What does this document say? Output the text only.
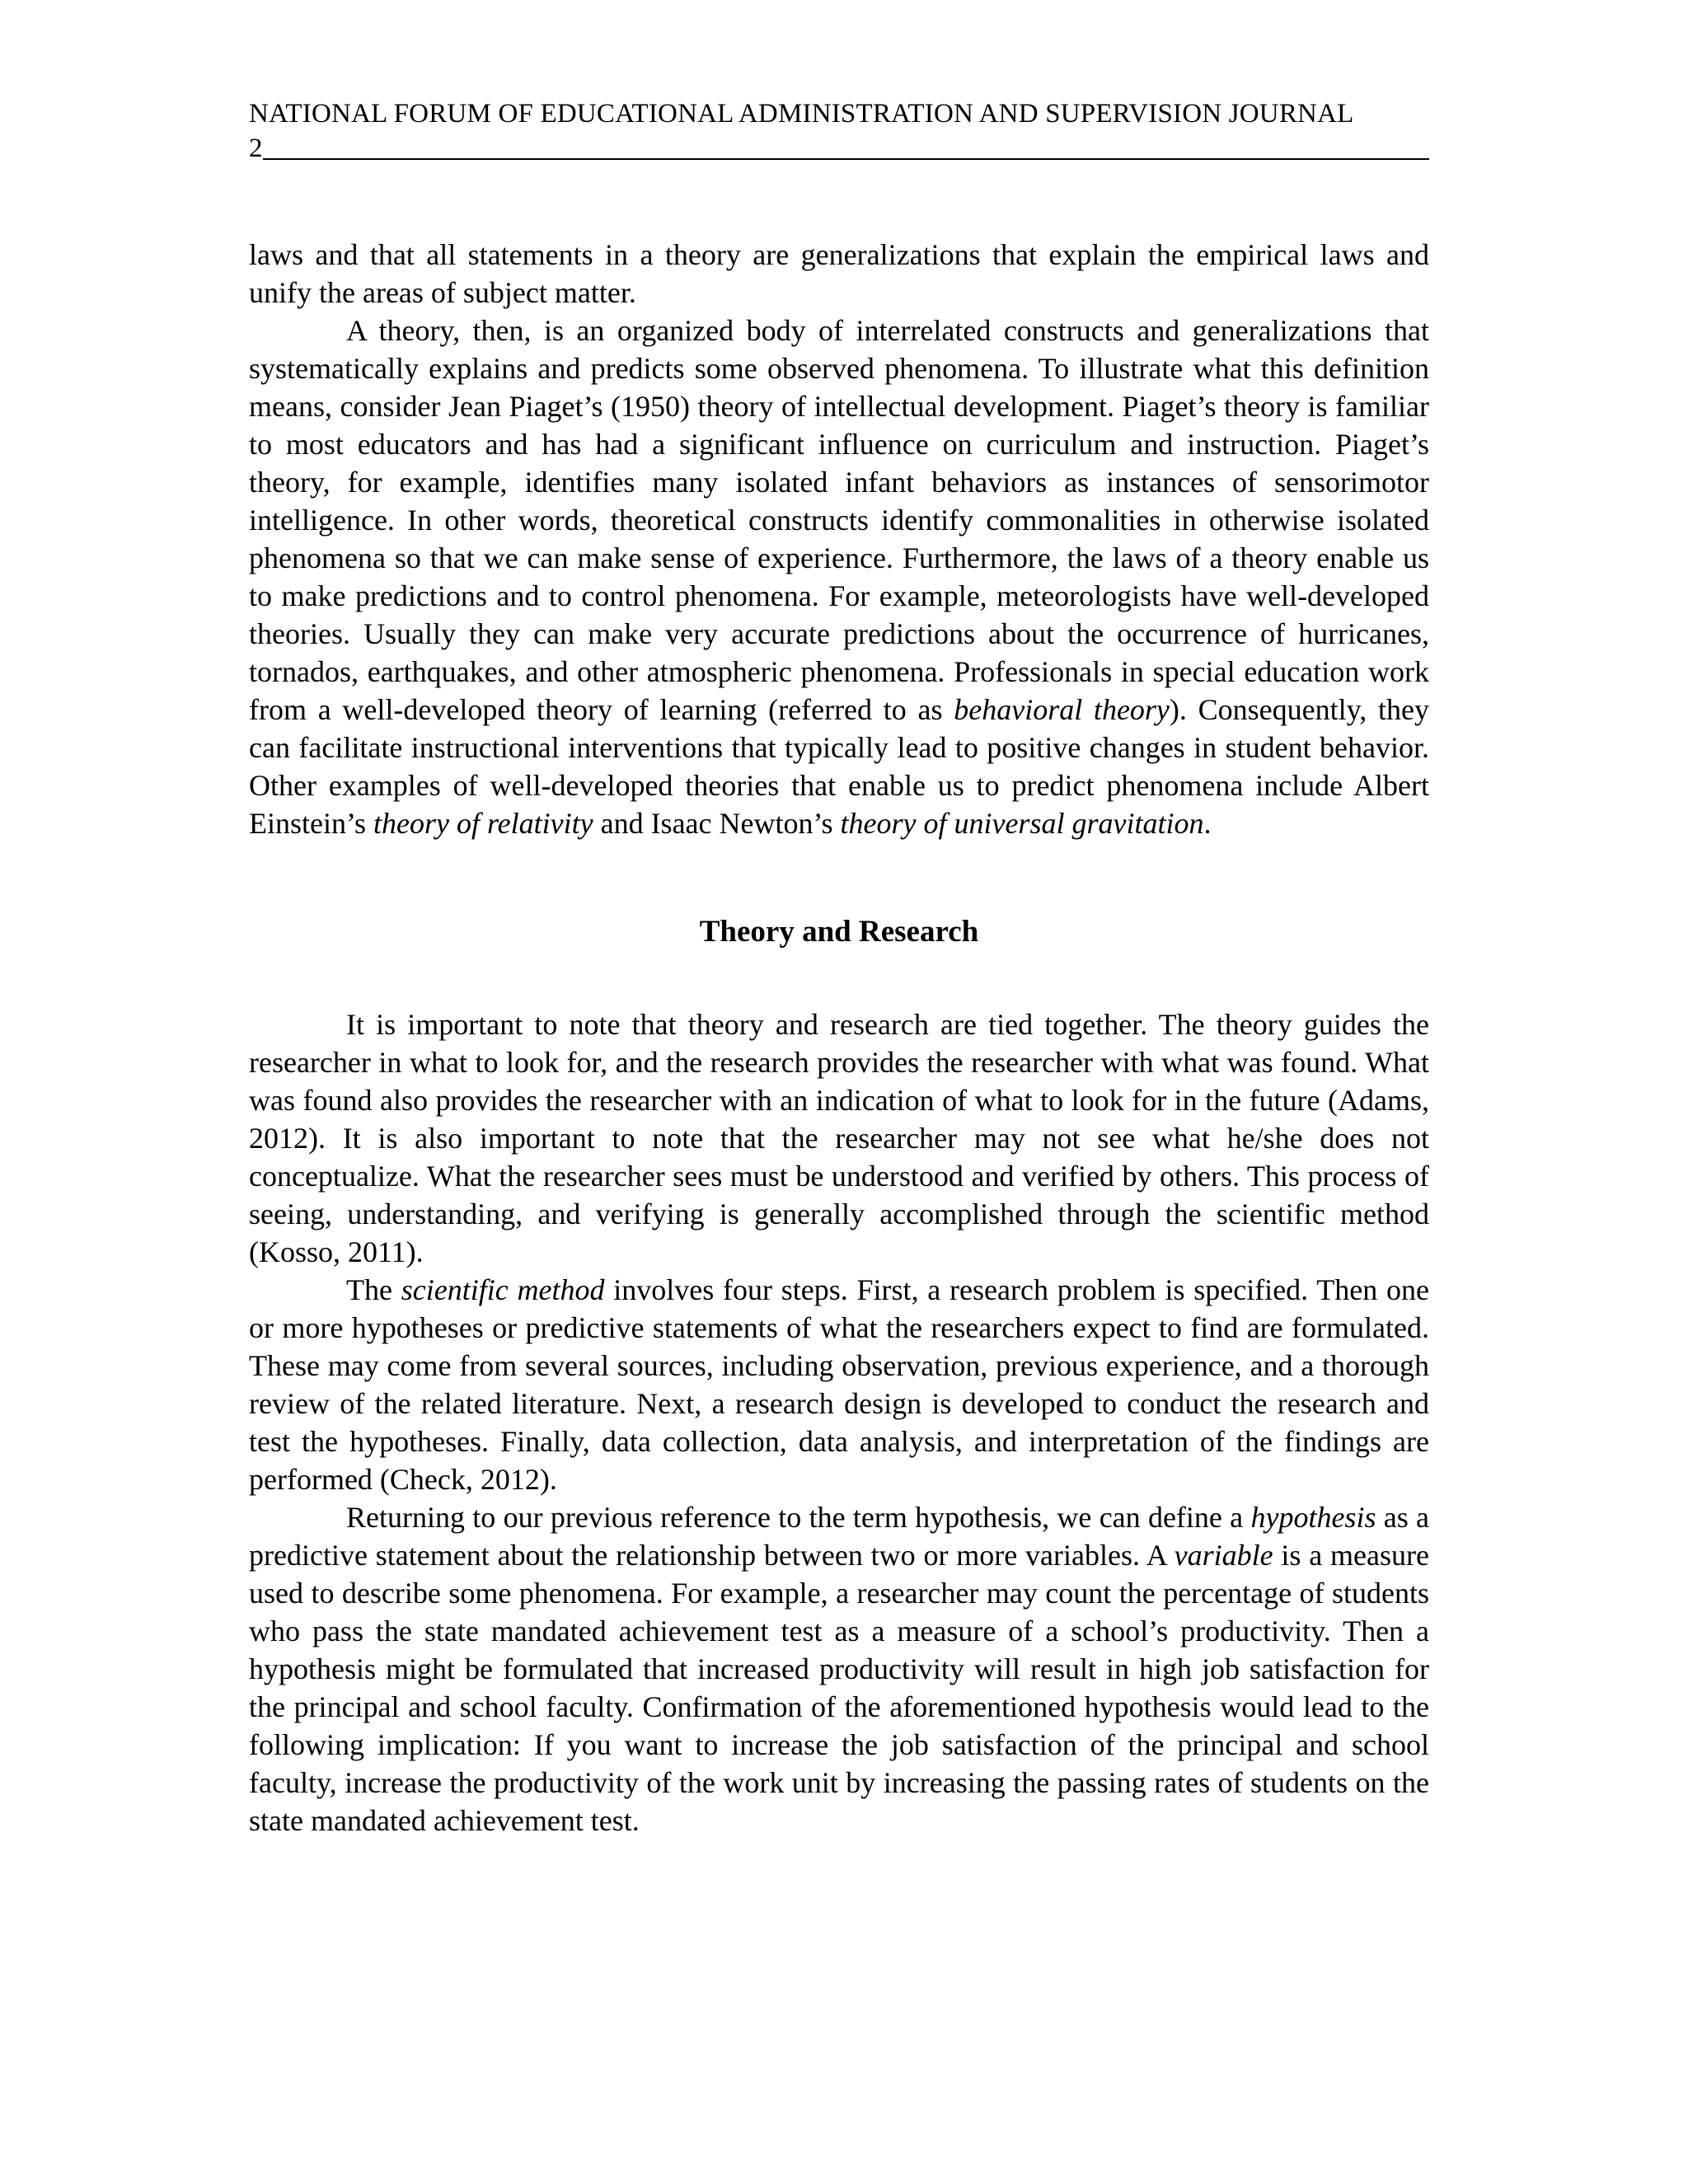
NATIONAL FORUM OF EDUCATIONAL ADMINISTRATION AND SUPERVISION JOURNAL
2

laws and that all statements in a theory are generalizations that explain the empirical laws and unify the areas of subject matter.

A theory, then, is an organized body of interrelated constructs and generalizations that systematically explains and predicts some observed phenomena. To illustrate what this definition means, consider Jean Piaget’s (1950) theory of intellectual development. Piaget’s theory is familiar to most educators and has had a significant influence on curriculum and instruction. Piaget’s theory, for example, identifies many isolated infant behaviors as instances of sensorimotor intelligence. In other words, theoretical constructs identify commonalities in otherwise isolated phenomena so that we can make sense of experience. Furthermore, the laws of a theory enable us to make predictions and to control phenomena. For example, meteorologists have well-developed theories. Usually they can make very accurate predictions about the occurrence of hurricanes, tornados, earthquakes, and other atmospheric phenomena. Professionals in special education work from a well-developed theory of learning (referred to as behavioral theory). Consequently, they can facilitate instructional interventions that typically lead to positive changes in student behavior. Other examples of well-developed theories that enable us to predict phenomena include Albert Einstein’s theory of relativity and Isaac Newton’s theory of universal gravitation.

Theory and Research

It is important to note that theory and research are tied together. The theory guides the researcher in what to look for, and the research provides the researcher with what was found. What was found also provides the researcher with an indication of what to look for in the future (Adams, 2012). It is also important to note that the researcher may not see what he/she does not conceptualize. What the researcher sees must be understood and verified by others. This process of seeing, understanding, and verifying is generally accomplished through the scientific method (Kosso, 2011).

The scientific method involves four steps. First, a research problem is specified. Then one or more hypotheses or predictive statements of what the researchers expect to find are formulated. These may come from several sources, including observation, previous experience, and a thorough review of the related literature. Next, a research design is developed to conduct the research and test the hypotheses. Finally, data collection, data analysis, and interpretation of the findings are performed (Check, 2012).

Returning to our previous reference to the term hypothesis, we can define a hypothesis as a predictive statement about the relationship between two or more variables. A variable is a measure used to describe some phenomena. For example, a researcher may count the percentage of students who pass the state mandated achievement test as a measure of a school’s productivity. Then a hypothesis might be formulated that increased productivity will result in high job satisfaction for the principal and school faculty. Confirmation of the aforementioned hypothesis would lead to the following implication: If you want to increase the job satisfaction of the principal and school faculty, increase the productivity of the work unit by increasing the passing rates of students on the state mandated achievement test.
